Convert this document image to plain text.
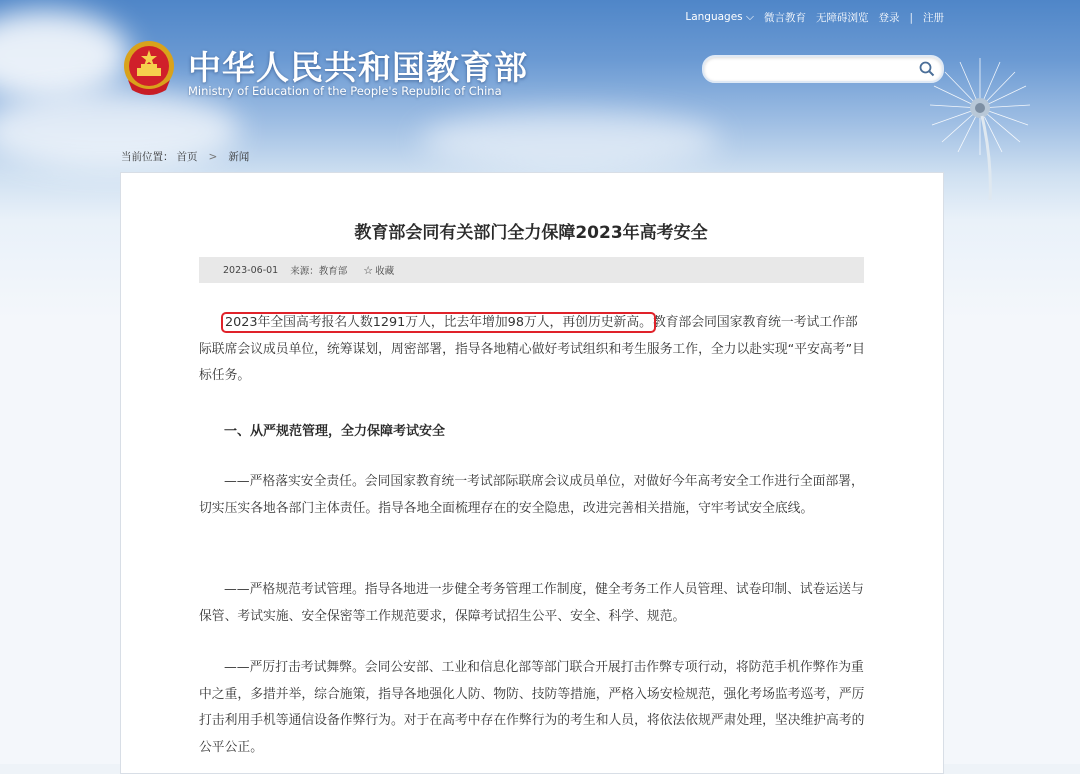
Languages ⌵ 微言教育 无障碍浏览 登录 | 注册
中华人民共和国教育部
Ministry of Education of the People's Republic of China
当前位置： 首页 > 新闻
教育部会同有关部门全力保障2023年高考安全
2023-06-01 来源：教育部 ☆ 收藏
2023年全国高考报名人数1291万人，比去年增加98万人，再创历史新高。教育部会同国家教育统一考试工作部际联席会议成员单位，统筹谋划，周密部署，指导各地精心做好考试组织和考生服务工作，全力以赴实现“平安高考”目标任务。
一、从严规范管理，全力保障考试安全
——严格落实安全责任。会同国家教育统一考试部际联席会议成员单位，对做好今年高考安全工作进行全面部署，切实压实各地各部门主体责任。指导各地全面梳理存在的安全隐患，改进完善相关措施，守牢考试安全底线。
——严格规范考试管理。指导各地进一步健全考务管理工作制度，健全考务工作人员管理、试卷印制、试卷运送与保管、考试实施、安全保密等工作规范要求，保障考试招生公平、安全、科学、规范。
——严厉打击考试舞弊。会同公安部、工业和信息化部等部门联合开展打击作弊专项行动，将防范手机作弊作为重中之重，多措并举，综合施策，指导各地强化人防、物防、技防等措施，严格入场安检规范，强化考场监考巡考，严厉打击利用手机等通信设备作弊行为。对于在高考中存在作弊行为的考生和人员，将依法依规严肃处理，坚决维护高考的公平公正。
